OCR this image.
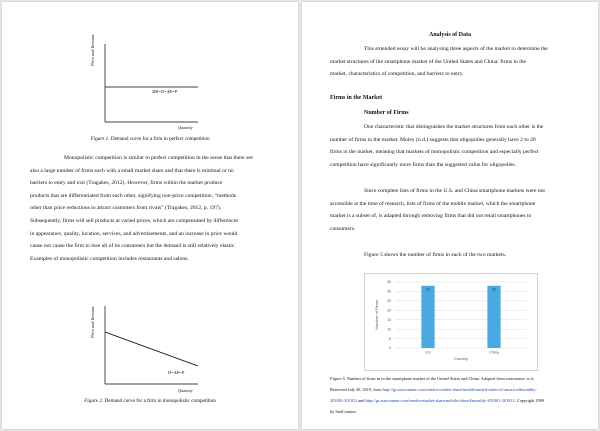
Price and Revenue
MR=D=AR=P
Quantity
Figure 1. Demand curve for a firm in perfect competition
Monopolistic competition is similar to perfect competition in the sense that there are
also a large number of firms each with a small market share and that there is minimal or no
barriers to entry and exit (Tragakes, 2012). However, firms within the market produce
products that are differentiated from each other, signifying non-price competition, “methods
other than price reductions to attract customers from rivals” (Tragakes, 2012, p. 197).
Subsequently, firms will sell products at varied prices, which are compensated by differences
in appearance, quality, location, services, and advertisements, and an increase in price would
cause not cause the firm to lose all of its consumers but the demand is still relatively elastic.
Examples of monopolistic competition includes restaurants and salons.
Price and Revenue
D=AR=P
Quantity
Figure 2. Demand curve for a firm in monopolistic competition
Analysis of Data
This extended essay will be analysing three aspects of the market to determine the
market structures of the smartphone market of the United States and China: firms in the
market, characteristics of competition, and barriers to entry.
Firms in the Market
Number of Firms
One characteristic that distinguishes the market structures from each other is the
number of firms in the market. Muley (n.d.) suggests that oligopolies generally have 2 to 20
firms in the market, meaning that markets of monopolistic competition and especially perfect
competition have significantly more firms than the suggested value for oligopolies.
Since complete lists of firms in the U.S. and China smartphone markets were not
accessible at the time of research, lists of firms of the mobile market, which the smartphone
market is a subset of, is adapted through removing firms that did not retail smartphones to
consumers.
Figure 5 shows the number of firms in each of the two markets.
0
5
10
15
20
25
30
35
33
US
33
China
Country
Number of Firms
Figure 5. Number of firms in in the smartphone market of the United States and China. Adapted from statcounter, n.d.,
Retrieved July 20, 2019, from http://gs.statcounter.com/vendor-market-share/mobile/united-states-of-america/#monthly-
201801-201812 and http://gs.statcounter.com/vendor-market-share/mobile/china/#monthly-201801-201812. Copyright 1999
by StatCounter.
